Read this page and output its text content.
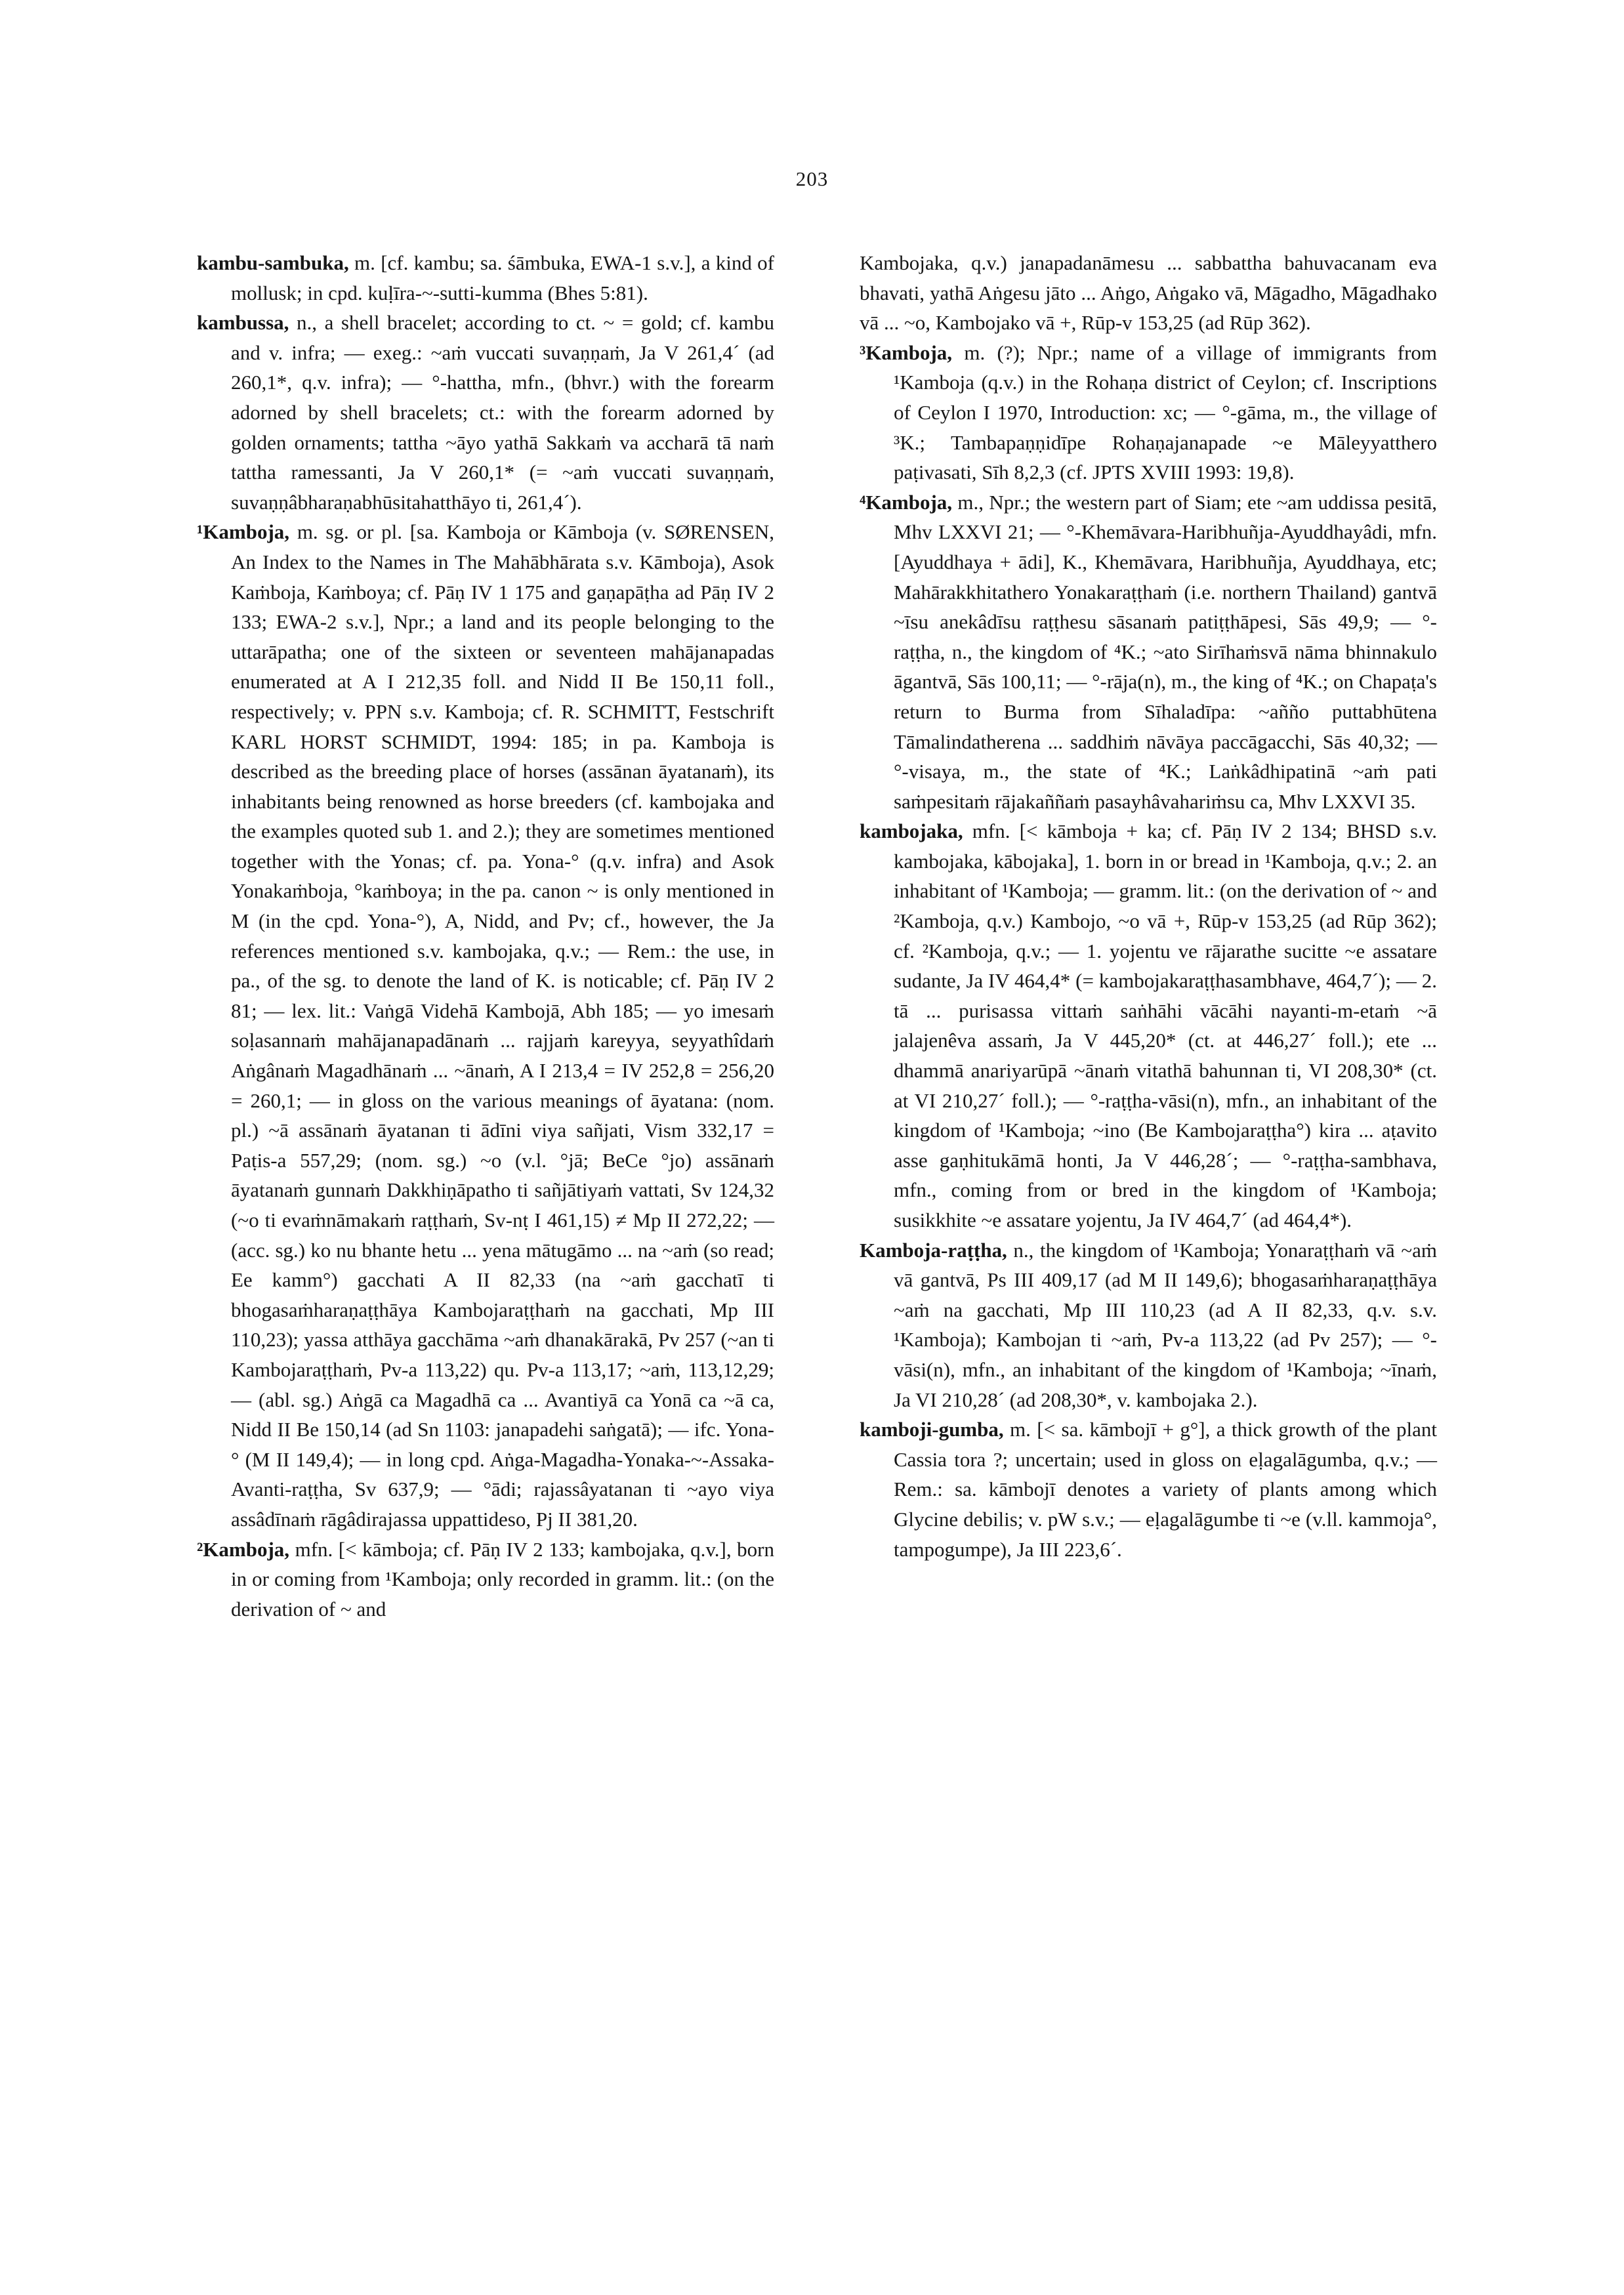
203

kambu-sambuka, m. [cf. kambu; sa. śāmbuka, EWA-1 s.v.], a kind of mollusk; in cpd. kuḷīra-~-sutti-kumma (Bhes 5:81).

kambussa, n., a shell bracelet; according to ct. ~ = gold; cf. kambu and v. infra; — exeg.: ~aṁ vuccati suvaṇṇaṁ, Ja V 261,4´ (ad 260,1*, q.v. infra); — °-hattha, mfn., (bhvr.) with the forearm adorned by shell bracelets; ct.: with the forearm adorned by golden ornaments; tattha ~āyo yathā Sakkaṁ va accharā tā naṁ tattha ramessanti, Ja V 260,1* (= ~aṁ vuccati suvaṇṇaṁ, suvaṇṇâbharaṇabhūsitahatthāyo ti, 261,4´).

¹Kamboja, m. sg. or pl. [sa. Kamboja or Kāmboja (v. SØRENSEN, An Index to the Names in The Mahābhārata s.v. Kāmboja), Asok Kaṁboja, Kaṁboya; cf. Pāṇ IV 1 175 and gaṇapāṭha ad Pāṇ IV 2 133; EWA-2 s.v.], Npr.; a land and its people belonging to the uttarāpatha; one of the sixteen or seventeen mahājanapadas enumerated at A I 212,35 foll. and Nidd II Be 150,11 foll., respectively; v. PPN s.v. Kamboja; cf. R. SCHMITT, Festschrift KARL HORST SCHMIDT, 1994: 185; in pa. Kamboja is described as the breeding place of horses (assānan āyatanaṁ), its inhabitants being renowned as horse breeders (cf. kambojaka and the examples quoted sub 1. and 2.); they are sometimes mentioned together with the Yonas; cf. pa. Yona-° (q.v. infra) and Asok Yonakaṁboja, °kaṁboya; in the pa. canon ~ is only mentioned in M (in the cpd. Yona-°), A, Nidd, and Pv; cf., however, the Ja references mentioned s.v. kambojaka, q.v.; — Rem.: the use, in pa., of the sg. to denote the land of K. is noticable; cf. Pāṇ IV 2 81; — lex. lit.: Vaṅgā Videhā Kambojā, Abh 185; — yo imesaṁ soḷasannaṁ mahājanapadānaṁ ... rajjaṁ kareyya, seyyathîdaṁ Aṅgânaṁ Magadhānaṁ ... ~ānaṁ, A I 213,4 = IV 252,8 = 256,20 = 260,1; — in gloss on the various meanings of āyatana: (nom. pl.) ~ā assānaṁ āyatanan ti ādīni viya sañjati, Vism 332,17 = Paṭis-a 557,29; (nom. sg.) ~o (v.l. °jā; BeCe °jo) assānaṁ āyatanaṁ gunnaṁ Dakkhiṇāpatho ti sañjātiyaṁ vattati, Sv 124,32 (~o ti evaṁnāmakaṁ raṭṭhaṁ, Sv-nṭ I 461,15) ≠ Mp II 272,22; — (acc. sg.) ko nu bhante hetu ... yena mātugāmo ... na ~aṁ (so read; Ee kamm°) gacchati A II 82,33 (na ~aṁ gacchatī ti bhogasaṁharaṇaṭṭhāya Kambojaraṭṭhaṁ na gacchati, Mp III 110,23); yassa atthāya gacchāma ~aṁ dhanakārakā, Pv 257 (~an ti Kambojaraṭṭhaṁ, Pv-a 113,22) qu. Pv-a 113,17; ~aṁ, 113,12,29; — (abl. sg.) Aṅgā ca Magadhā ca ... Avantiyā ca Yonā ca ~ā ca, Nidd II Be 150,14 (ad Sn 1103: janapadehi saṅgatā); — ifc. Yona-° (M II 149,4); — in long cpd. Aṅga-Magadha-Yonaka-~-Assaka-Avanti-raṭṭha, Sv 637,9; — °ādi; rajassâyatanan ti ~ayo viya assâdīnaṁ rāgâdirajassa uppattideso, Pj II 381,20.

²Kamboja, mfn. [< kāmboja; cf. Pāṇ IV 2 133; kambojaka, q.v.], born in or coming from ¹Kamboja; only recorded in gramm. lit.: (on the derivation of ~ and

Kambojaka, q.v.) janapadanāmesu ... sabbattha bahuvacanam eva bhavati, yathā Aṅgesu jāto ... Aṅgo, Aṅgako vā, Māgadho, Māgadhako vā ... ~o, Kambojako vā +, Rūp-v 153,25 (ad Rūp 362).

³Kamboja, m. (?); Npr.; name of a village of immigrants from ¹Kamboja (q.v.) in the Rohaṇa district of Ceylon; cf. Inscriptions of Ceylon I 1970, Introduction: xc; — °-gāma, m., the village of ³K.; Tambapaṇṇidīpe Rohaṇajanapade ~e Māleyyatthero paṭivasati, Sīh 8,2,3 (cf. JPTS XVIII 1993: 19,8).

⁴Kamboja, m., Npr.; the western part of Siam; ete ~am uddissa pesitā, Mhv LXXVI 21; — °-Khemāvara-Haribhuñja-Ayuddhayâdi, mfn. [Ayuddhaya + ādi], K., Khemāvara, Haribhuñja, Ayuddhaya, etc; Mahārakkhitathero Yonakaraṭṭhaṁ (i.e. northern Thailand) gantvā ~īsu anekâdīsu raṭṭhesu sāsanaṁ patiṭṭhāpesi, Sās 49,9; — °-raṭṭha, n., the kingdom of ⁴K.; ~ato Sirīhaṁsvā nāma bhinnakulo āgantvā, Sās 100,11; — °-rāja(n), m., the king of ⁴K.; on Chapaṭa's return to Burma from Sīhaladīpa: ~añño puttabhūtena Tāmalindatherena ... saddhiṁ nāvāya paccāgacchi, Sās 40,32; — °-visaya, m., the state of ⁴K.; Laṅkâdhipatinā ~aṁ pati saṁpesitaṁ rājakaññaṁ pasayhâvahariṁsu ca, Mhv LXXVI 35.

kambojaka, mfn. [< kāmboja + ka; cf. Pāṇ IV 2 134; BHSD s.v. kambojaka, kābojaka], 1. born in or bread in ¹Kamboja, q.v.; 2. an inhabitant of ¹Kamboja; — gramm. lit.: (on the derivation of ~ and ²Kamboja, q.v.) Kambojo, ~o vā +, Rūp-v 153,25 (ad Rūp 362); cf. ²Kamboja, q.v.; — 1. yojentu ve rājarathe sucitte ~e assatare sudante, Ja IV 464,4* (= kambojakaraṭṭhasambhave, 464,7´); — 2. tā ... purisassa vittaṁ saṅhāhi vācāhi nayanti-m-etaṁ ~ā jalajenêva assaṁ, Ja V 445,20* (ct. at 446,27´ foll.); ete ... dhammā anariyarūpā ~ānaṁ vitathā bahunnan ti, VI 208,30* (ct. at VI 210,27´ foll.); — °-raṭṭha-vāsi(n), mfn., an inhabitant of the kingdom of ¹Kamboja; ~ino (Be Kambojaraṭṭha°) kira ... aṭavito asse gaṇhitukāmā honti, Ja V 446,28´; — °-raṭṭha-sambhava, mfn., coming from or bred in the kingdom of ¹Kamboja; susikkhite ~e assatare yojentu, Ja IV 464,7´ (ad 464,4*).

Kamboja-raṭṭha, n., the kingdom of ¹Kamboja; Yonaraṭṭhaṁ vā ~aṁ vā gantvā, Ps III 409,17 (ad M II 149,6); bhogasaṁharaṇaṭṭhāya ~aṁ na gacchati, Mp III 110,23 (ad A II 82,33, q.v. s.v. ¹Kamboja); Kambojan ti ~aṁ, Pv-a 113,22 (ad Pv 257); — °-vāsi(n), mfn., an inhabitant of the kingdom of ¹Kamboja; ~īnaṁ, Ja VI 210,28´ (ad 208,30*, v. kambojaka 2.).

kamboji-gumba, m. [< sa. kāmbojī + g°], a thick growth of the plant Cassia tora ?; uncertain; used in gloss on eḷagalāgumba, q.v.; — Rem.: sa. kāmbojī denotes a variety of plants among which Glycine debilis; v. pW s.v.; — eḷagalāgumbe ti ~e (v.ll. kammoja°, tampogumpe), Ja III 223,6´.
